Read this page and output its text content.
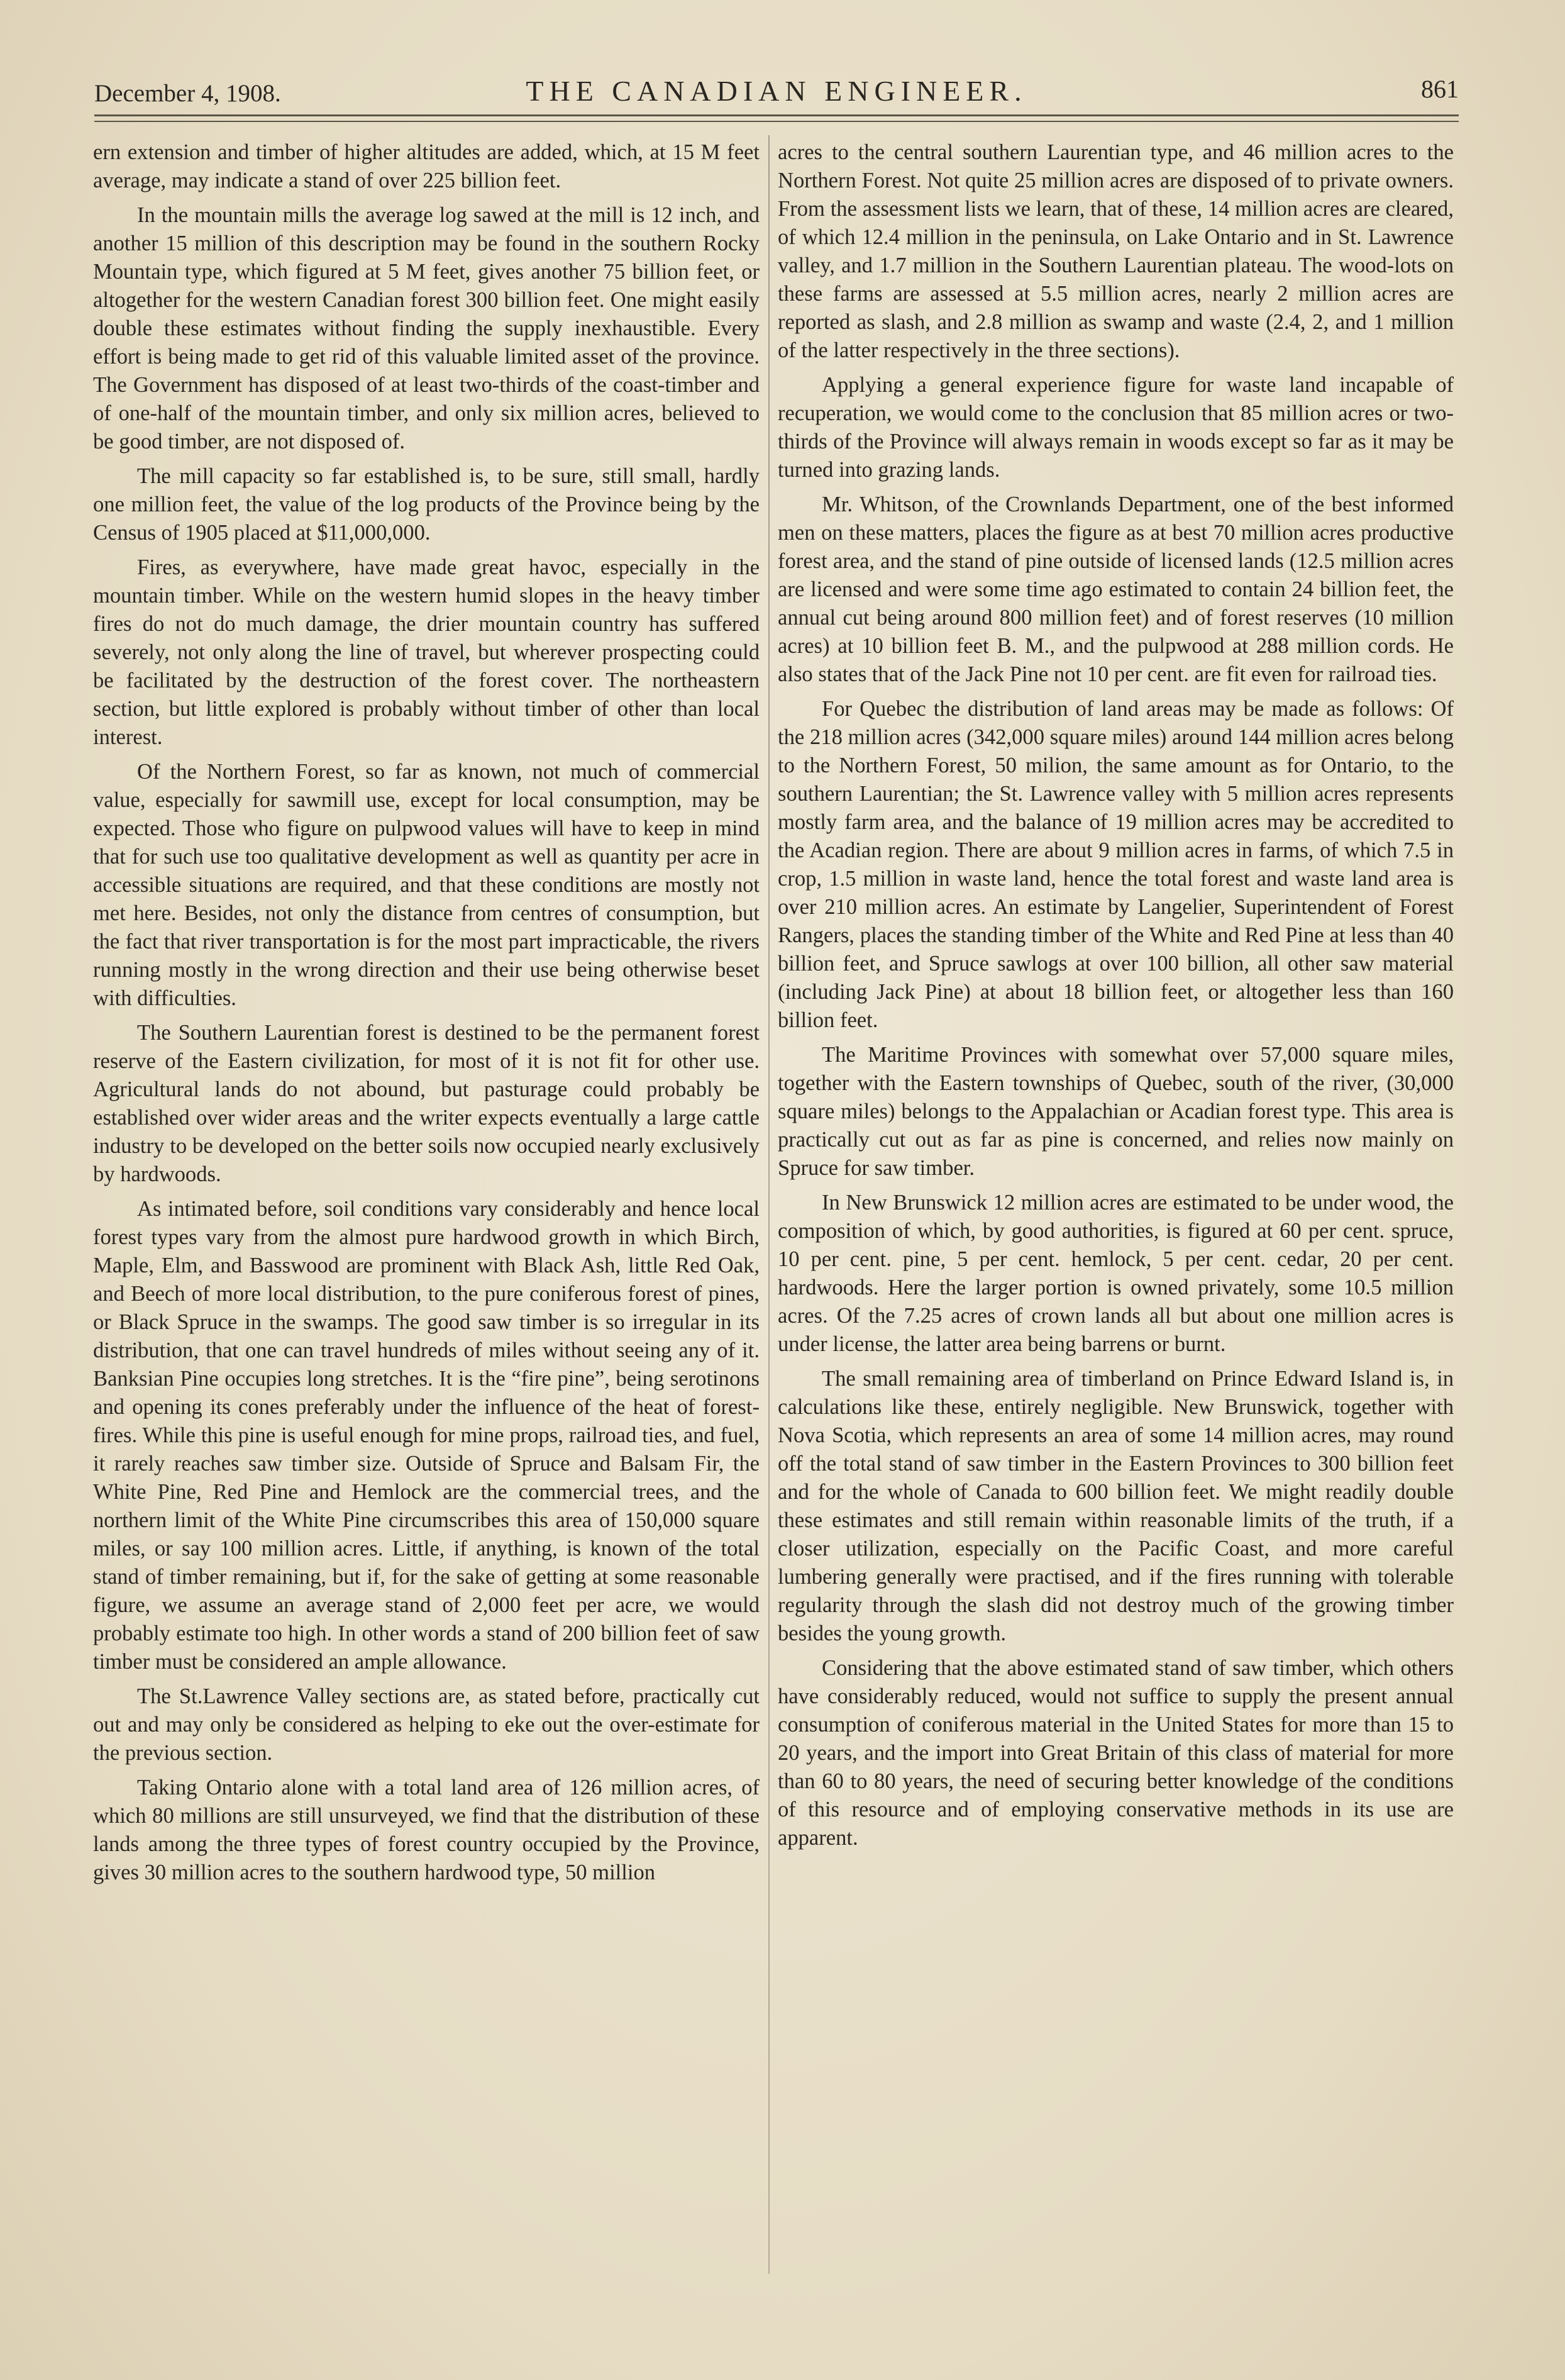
December 4, 1908.	THE CANADIAN ENGINEER.	861

ern extension and timber of higher altitudes are added, which, at 15 M feet average, may indicate a stand of over 225 billion feet.

In the mountain mills the average log sawed at the mill is 12 inch, and another 15 million of this description may be found in the southern Rocky Mountain type, which figured at 5 M feet, gives another 75 billion feet, or altogether for the western Canadian forest 300 billion feet. One might easily double these estimates without finding the supply inexhaustible. Every effort is being made to get rid of this valuable limited asset of the province. The Government has disposed of at least two-thirds of the coast-timber and of one-half of the mountain timber, and only six million acres, believed to be good timber, are not disposed of.

The mill capacity so far established is, to be sure, still small, hardly one million feet, the value of the log products of the Province being by the Census of 1905 placed at $11,000,000.

Fires, as everywhere, have made great havoc, especially in the mountain timber. While on the western humid slopes in the heavy timber fires do not do much damage, the drier mountain country has suffered severely, not only along the line of travel, but wherever prospecting could be facilitated by the destruction of the forest cover. The northeastern section, but little explored is probably without timber of other than local interest.

Of the Northern Forest, so far as known, not much of commercial value, especially for sawmill use, except for local consumption, may be expected. Those who figure on pulpwood values will have to keep in mind that for such use too qualitative development as well as quantity per acre in accessible situations are required, and that these conditions are mostly not met here. Besides, not only the distance from centres of consumption, but the fact that river transportation is for the most part impracticable, the rivers running mostly in the wrong direction and their use being otherwise beset with difficulties.

The Southern Laurentian forest is destined to be the permanent forest reserve of the Eastern civilization, for most of it is not fit for other use. Agricultural lands do not abound, but pasturage could probably be established over wider areas and the writer expects eventually a large cattle industry to be developed on the better soils now occupied nearly exclusively by hardwoods.

As intimated before, soil conditions vary considerably and hence local forest types vary from the almost pure hardwood growth in which Birch, Maple, Elm, and Basswood are prominent with Black Ash, little Red Oak, and Beech of more local distribution, to the pure coniferous forest of pines, or Black Spruce in the swamps. The good saw timber is so irregular in its distribution, that one can travel hundreds of miles without seeing any of it. Banksian Pine occupies long stretches. It is the “fire pine”, being serotinons and opening its cones preferably under the influence of the heat of forest-fires. While this pine is useful enough for mine props, railroad ties, and fuel, it rarely reaches saw timber size. Outside of Spruce and Balsam Fir, the White Pine, Red Pine and Hemlock are the commercial trees, and the northern limit of the White Pine circumscribes this area of 150,000 square miles, or say 100 million acres. Little, if anything, is known of the total stand of timber remaining, but if, for the sake of getting at some reasonable figure, we assume an average stand of 2,000 feet per acre, we would probably estimate too high. In other words a stand of 200 billion feet of saw timber must be considered an ample allowance.

The St.Lawrence Valley sections are, as stated before, practically cut out and may only be considered as helping to eke out the over-estimate for the previous section.

Taking Ontario alone with a total land area of 126 million acres, of which 80 millions are still unsurveyed, we find that the distribution of these lands among the three types of forest country occupied by the Province, gives 30 million acres to the southern hardwood type, 50 million

acres to the central southern Laurentian type, and 46 million acres to the Northern Forest. Not quite 25 million acres are disposed of to private owners. From the assessment lists we learn, that of these, 14 million acres are cleared, of which 12.4 million in the peninsula, on Lake Ontario and in St. Lawrence valley, and 1.7 million in the Southern Laurentian plateau. The wood-lots on these farms are assessed at 5.5 million acres, nearly 2 million acres are reported as slash, and 2.8 million as swamp and waste (2.4, 2, and 1 million of the latter respectively in the three sections).

Applying a general experience figure for waste land incapable of recuperation, we would come to the conclusion that 85 million acres or two-thirds of the Province will always remain in woods except so far as it may be turned into grazing lands.

Mr. Whitson, of the Crownlands Department, one of the best informed men on these matters, places the figure as at best 70 million acres productive forest area, and the stand of pine outside of licensed lands (12.5 million acres are licensed and were some time ago estimated to contain 24 billion feet, the annual cut being around 800 million feet) and of forest reserves (10 million acres) at 10 billion feet B. M., and the pulpwood at 288 million cords. He also states that of the Jack Pine not 10 per cent. are fit even for railroad ties.

For Quebec the distribution of land areas may be made as follows: Of the 218 million acres (342,000 square miles) around 144 million acres belong to the Northern Forest, 50 milion, the same amount as for Ontario, to the southern Laurentian; the St. Lawrence valley with 5 million acres represents mostly farm area, and the balance of 19 million acres may be accredited to the Acadian region. There are about 9 million acres in farms, of which 7.5 in crop, 1.5 million in waste land, hence the total forest and waste land area is over 210 million acres. An estimate by Langelier, Superintendent of Forest Rangers, places the standing timber of the White and Red Pine at less than 40 billion feet, and Spruce sawlogs at over 100 billion, all other saw material (including Jack Pine) at about 18 billion feet, or altogether less than 160 billion feet.

The Maritime Provinces with somewhat over 57,000 square miles, together with the Eastern townships of Quebec, south of the river, (30,000 square miles) belongs to the Appalachian or Acadian forest type. This area is practically cut out as far as pine is concerned, and relies now mainly on Spruce for saw timber.

In New Brunswick 12 million acres are estimated to be under wood, the composition of which, by good authorities, is figured at 60 per cent. spruce, 10 per cent. pine, 5 per cent. hemlock, 5 per cent. cedar, 20 per cent. hardwoods. Here the larger portion is owned privately, some 10.5 million acres. Of the 7.25 acres of crown lands all but about one million acres is under license, the latter area being barrens or burnt.

The small remaining area of timberland on Prince Edward Island is, in calculations like these, entirely negligible. New Brunswick, together with Nova Scotia, which represents an area of some 14 million acres, may round off the total stand of saw timber in the Eastern Provinces to 300 billion feet and for the whole of Canada to 600 billion feet. We might readily double these estimates and still remain within reasonable limits of the truth, if a closer utilization, especially on the Pacific Coast, and more careful lumbering generally were practised, and if the fires running with tolerable regularity through the slash did not destroy much of the growing timber besides the young growth.

Considering that the above estimated stand of saw timber, which others have considerably reduced, would not suffice to supply the present annual consumption of coniferous material in the United States for more than 15 to 20 years, and the import into Great Britain of this class of material for more than 60 to 80 years, the need of securing better knowledge of the conditions of this resource and of employing conservative methods in its use are apparent.
